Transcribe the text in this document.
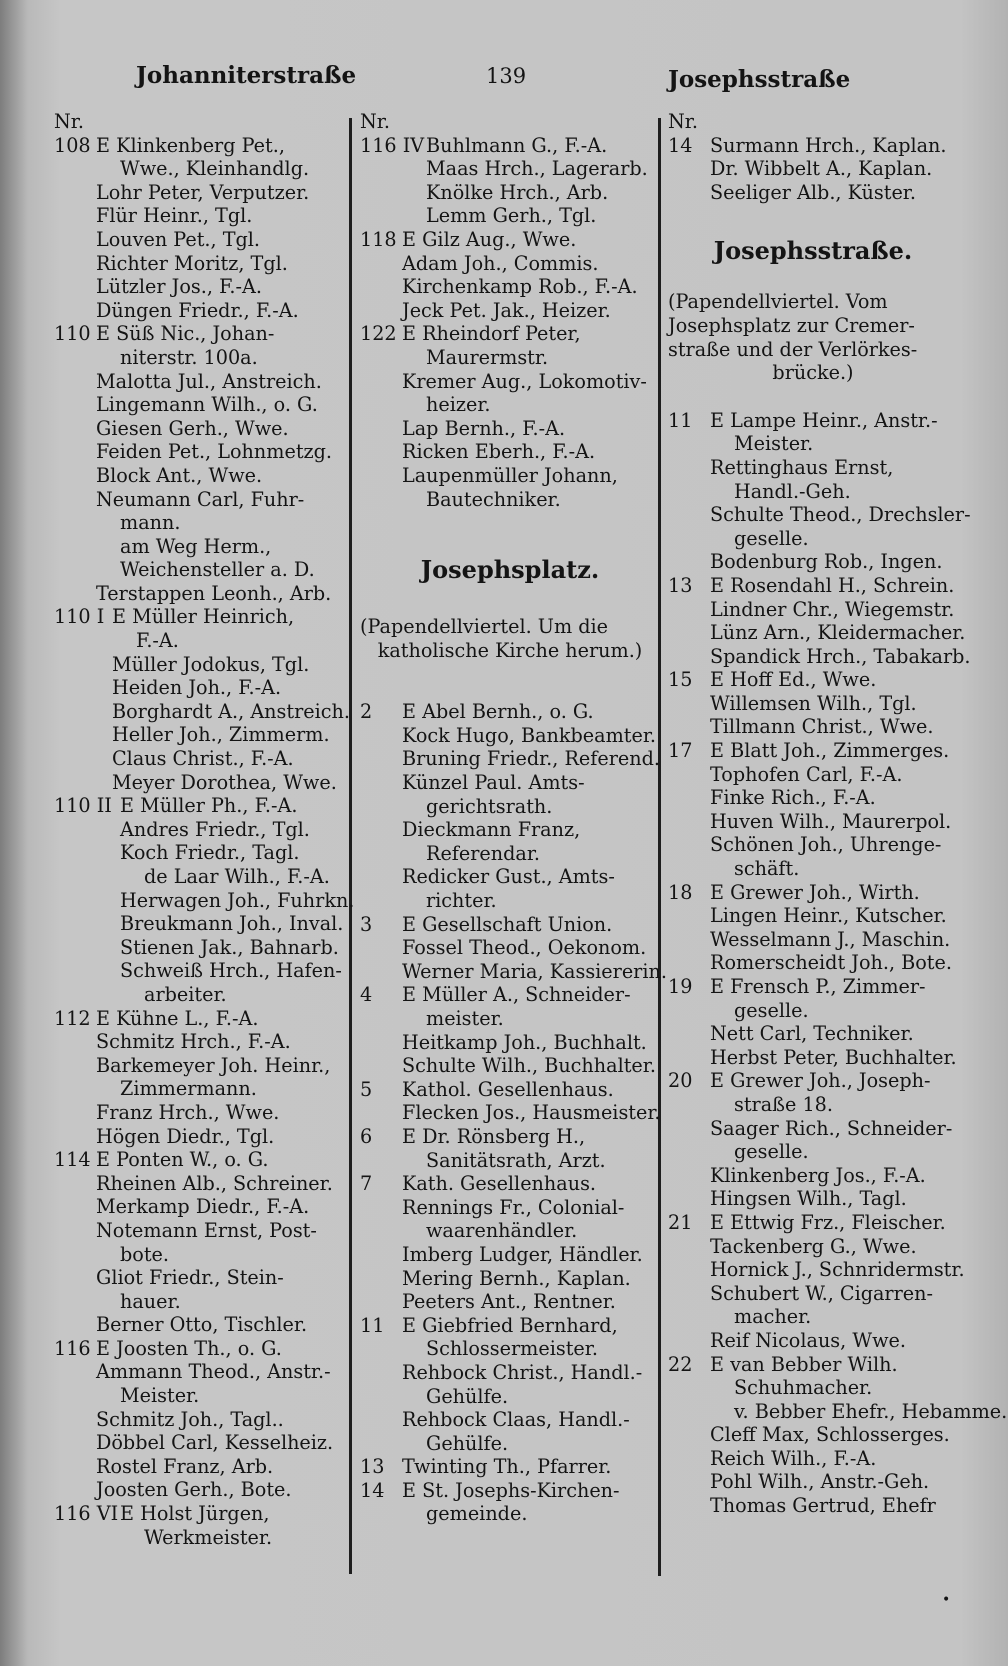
Johanniterstraße	139	Josephsstraße
Nr.
108 E Klinkenberg Pet.,
Wwe., Kleinhandlg.
Lohr Peter, Verputzer.
Flür Heinr., Tgl.
Louven Pet., Tgl.
Richter Moritz, Tgl.
Lützler Jos., F.-A.
Düngen Friedr., F.-A.
110 E Süß Nic., Johan-
niterstr. 100a.
Malotta Jul., Anstreich.
Lingemann Wilh., o. G.
Giesen Gerh., Wwe.
Feiden Pet., Lohnmetzg.
Block Ant., Wwe.
Neumann Carl, Fuhr-
mann.
am Weg Herm.,
Weichensteller a. D.
Terstappen Leonh., Arb.
110 I E Müller Heinrich,
F.-A.
Müller Jodokus, Tgl.
Heiden Joh., F.-A.
Borghardt A., Anstreich.
Heller Joh., Zimmerm.
Claus Christ., F.-A.
Meyer Dorothea, Wwe.
110 II E Müller Ph., F.-A.
Andres Friedr., Tgl.
Koch Friedr., Tagl.
de Laar Wilh., F.-A.
Herwagen Joh., Fuhrkn.
Breukmann Joh., Inval.
Stienen Jak., Bahnarb.
Schweiß Hrch., Hafen-
arbeiter.
112 E Kühne L., F.-A.
Schmitz Hrch., F.-A.
Barkemeyer Joh. Heinr.,
Zimmermann.
Franz Hrch., Wwe.
Högen Diedr., Tgl.
114 E Ponten W., o. G.
Rheinen Alb., Schreiner.
Merkamp Diedr., F.-A.
Notemann Ernst, Post-
bote.
Gliot Friedr., Stein-
hauer.
Berner Otto, Tischler.
116 E Joosten Th., o. G.
Ammann Theod., Anstr.-
Meister.
Schmitz Joh., Tagl..
Döbbel Carl, Kesselheiz.
Rostel Franz, Arb.
Joosten Gerh., Bote.
116 VI E Holst Jürgen,
Werkmeister.
Nr.
116 IV Buhlmann G., F.-A.
Maas Hrch., Lagerarb.
Knölke Hrch., Arb.
Lemm Gerh., Tgl.
118 E Gilz Aug., Wwe.
Adam Joh., Commis.
Kirchenkamp Rob., F.-A.
Jeck Pet. Jak., Heizer.
122 E Rheindorf Peter,
Maurermstr.
Kremer Aug., Lokomotiv-
heizer.
Lap Bernh., F.-A.
Ricken Eberh., F.-A.
Laupenmüller Johann,
Bautechniker.
Josephsplatz.
(Papendellviertel. Um die
katholische Kirche herum.)
2	E Abel Bernh., o. G.
Kock Hugo, Bankbeamter.
Bruning Friedr., Referend.
Künzel Paul. Amts-
gerichtsrath.
Dieckmann Franz,
Referendar.
Redicker Gust., Amts-
richter.
3	E Gesellschaft Union.
Fossel Theod., Oekonom.
Werner Maria, Kassiererin.
4	E Müller A., Schneider-
meister.
Heitkamp Joh., Buchhalt.
Schulte Wilh., Buchhalter.
5	Kathol. Gesellenhaus.
Flecken Jos., Hausmeister.
6	E Dr. Rönsberg H.,
Sanitätsrath, Arzt.
7	Kath. Gesellenhaus.
Rennings Fr., Colonial-
waarenhändler.
Imberg Ludger, Händler.
Mering Bernh., Kaplan.
Peeters Ant., Rentner.
11 E Giebfried Bernhard,
Schlossermeister.
Rehbock Christ., Handl.-
Gehülfe.
Rehbock Claas, Handl.-
Gehülfe.
13 Twinting Th., Pfarrer.
14 E St. Josephs-Kirchen-
gemeinde.
Nr.
14 Surmann Hrch., Kaplan.
Dr. Wibbelt A., Kaplan.
Seeliger Alb., Küster.
Josephsstraße.
(Papendellviertel. Vom
Josephsplatz zur Cremer-
straße und der Verlörkes-
brücke.)
11 E Lampe Heinr., Anstr.-
Meister.
Rettinghaus Ernst,
Handl.-Geh.
Schulte Theod., Drechsler-
geselle.
Bodenburg Rob., Ingen.
13 E Rosendahl H., Schrein.
Lindner Chr., Wiegemstr.
Lünz Arn., Kleidermacher.
Spandick Hrch., Tabakarb.
15 E Hoff Ed., Wwe.
Willemsen Wilh., Tgl.
Tillmann Christ., Wwe.
17 E Blatt Joh., Zimmerges.
Tophofen Carl, F.-A.
Finke Rich., F.-A.
Huven Wilh., Maurerpol.
Schönen Joh., Uhrenge-
schäft.
18 E Grewer Joh., Wirth.
Lingen Heinr., Kutscher.
Wesselmann J., Maschin.
Romerscheidt Joh., Bote.
19 E Frensch P., Zimmer-
geselle.
Nett Carl, Techniker.
Herbst Peter, Buchhalter.
20 E Grewer Joh., Joseph-
straße 18.
Saager Rich., Schneider-
geselle.
Klinkenberg Jos., F.-A.
Hingsen Wilh., Tagl.
21 E Ettwig Frz., Fleischer.
Tackenberg G., Wwe.
Hornick J., Schnridermstr.
Schubert W., Cigarren-
macher.
Reif Nicolaus, Wwe.
22 E van Bebber Wilh.
Schuhmacher.
v. Bebber Ehefr., Hebamme.
Cleff Max, Schlosserges.
Reich Wilh., F.-A.
Pohl Wilh., Anstr.-Geh.
Thomas Gertrud, Ehefr
•
